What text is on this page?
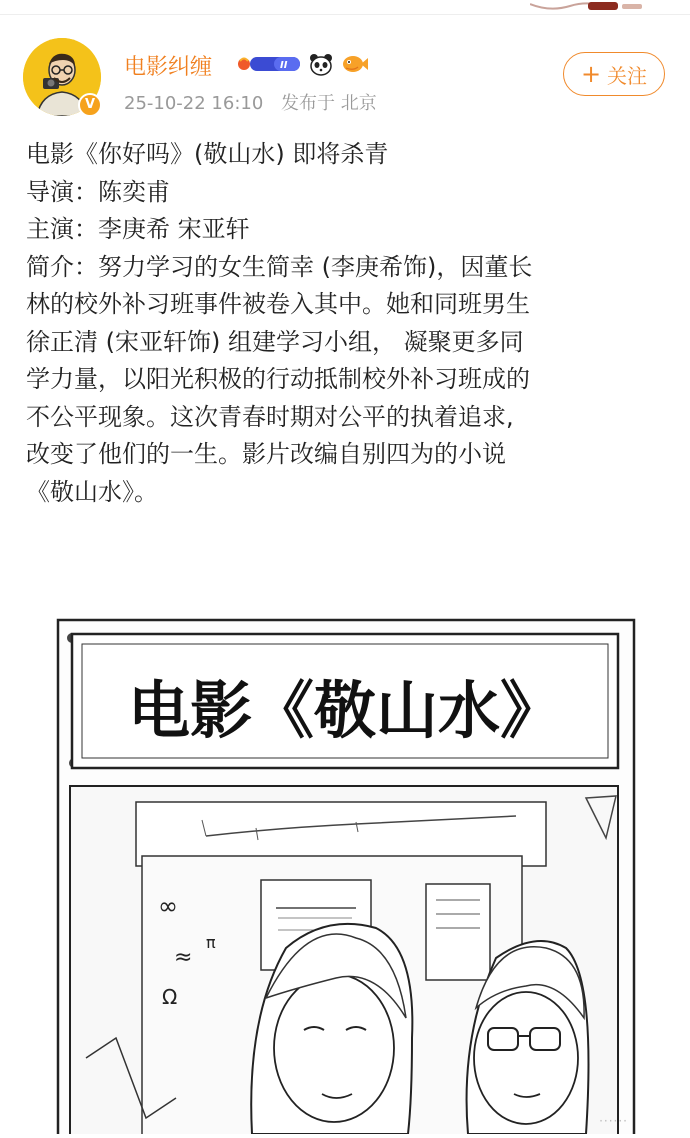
V
电影纠缠	II
25-10-22 16:10 发布于 北京
+ 关注

电影《你好吗》(敬山水) 即将杀青

导演：陈奕甫

主演：李庚希 宋亚轩

简介：努力学习的女生简幸 (李庚希饰)，因董长

林的校外补习班事件被卷入其中。她和同班男生

徐正清 (宋亚轩饰) 组建学习小组， 凝聚更多同

学力量，以阳光积极的行动抵制校外补习班成的

不公平现象。这次青春时期对公平的执着追求,

改变了他们的一生。影片改编自别四为的小说

《敬山水》。

电影《敬山水》
∞
≈
π
Ω
······
